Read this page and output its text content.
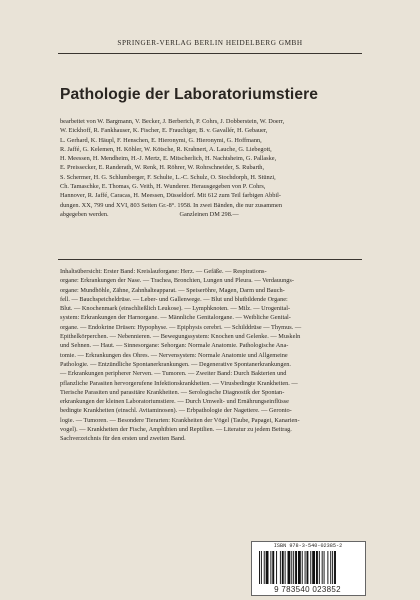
SPRINGER-VERLAG BERLIN HEIDELBERG GMBH
Pathologie der Laboratoriumstiere
bearbeitet von W. Bargmann, V. Becker, J. Berberich, P. Cohrs, J. Dobberstein, W. Doerr,
W. Eickhoff, R. Fankhauser, K. Fischer, E. Frauchiger, B. v. Gavallér, H. Gebauer,
L. Gerhard, K. Häupl, F. Henschen, E. Hieronymi, G. Hieronymi, G. Hoffmann,
R. Jaffé, G. Kelemen, H. Köhler, W. Kötsche, R. Krahnert, A. Lauche, G. Liebegott,
H. Meessen, H. Mendheim, H.-J. Mertz, E. Mitscherlich, H. Nachtsheim, G. Pallaske,
E. Preissecker, E. Randerath, W. Renk, H. Röhrer, W. Rohrschneider, S. Rubarth,
S. Schermer, H. G. Schlumberger, F. Schulte, L.-C. Schulz, O. Stochdorph, H. Stünzi,
Ch. Tamaschke, E. Thomas, G. Veith, H. Wunderer. Herausgegeben von P. Cohrs,
Hannover, R. Jaffé, Caracas, H. Meessen, Düsseldorf. Mit 612 zum Teil farbigen Abbil-
dungen. XX, 799 und XVI, 803 Seiten Gr.-8°. 1958. In zwei Bänden, die nur zusammen
abgegeben werden.                                             Ganzleinen DM 298.—
Inhaltsübersicht: Erster Band: Kreislauforgane: Herz. — Gefäße. — Respirations-
organe: Erkrankungen der Nase. — Trachea, Bronchien, Lungen und Pleura. — Verdauungs-
organe: Mundhöhle, Zähne, Zahnhalteapparat. — Speiseröhre, Magen, Darm und Bauch-
fell. — Bauchspeicheldrüse. — Leber- und Gallenwege. — Blut und blutbildende Organe:
Blut. — Knochenmark (einschließlich Leukose). — Lymphknoten. — Milz. — Urogenital-
system: Erkrankungen der Harnorgane. — Männliche Genitalorgane. — Weibliche Genital-
organe. — Endokrine Drüsen: Hypophyse. — Epiphysis cerebri. — Schilddrüse — Thymus. —
Epithelkörperchen. — Nebennieren. — Bewegungssystem: Knochen und Gelenke. — Muskeln
und Sehnen. — Haut. — Sinnesorgane: Sehorgan: Normale Anatomie. Pathologische Ana-
tomie. — Erkrankungen des Ohres. — Nervensystem: Normale Anatomie und Allgemeine
Pathologie. — Entzündliche Spontanerkrankungen. — Degenerative Spontanerkrankungen.
— Erkrankungen peripherer Nerven. — Tumoren. — Zweiter Band: Durch Bakterien und
pflanzliche Parasiten hervorgerufene Infektionskrankheiten. — Virusbedingte Krankheiten. —
Tierische Parasiten und parasitäre Krankheiten. — Serologische Diagnostik der Spontan-
erkrankungen der kleinen Laboratoriumstiere. — Durch Umwelt- und Ernährungseinflüsse
bedingte Krankheiten (einschl. Avitaminosen). — Erbpathologie der Nagetiere. — Geronto-
logie. — Tumoren. — Besondere Tierarten: Krankheiten der Vögel (Taube, Papagei, Kanarien-
vogel). — Krankheiten der Fische, Amphibien und Reptilien. — Literatur zu jedem Beitrag.
Sachverzeichnis für den ersten und zweiten Band.
ISBN 978-3-540-02385-2
9 783540 023852
